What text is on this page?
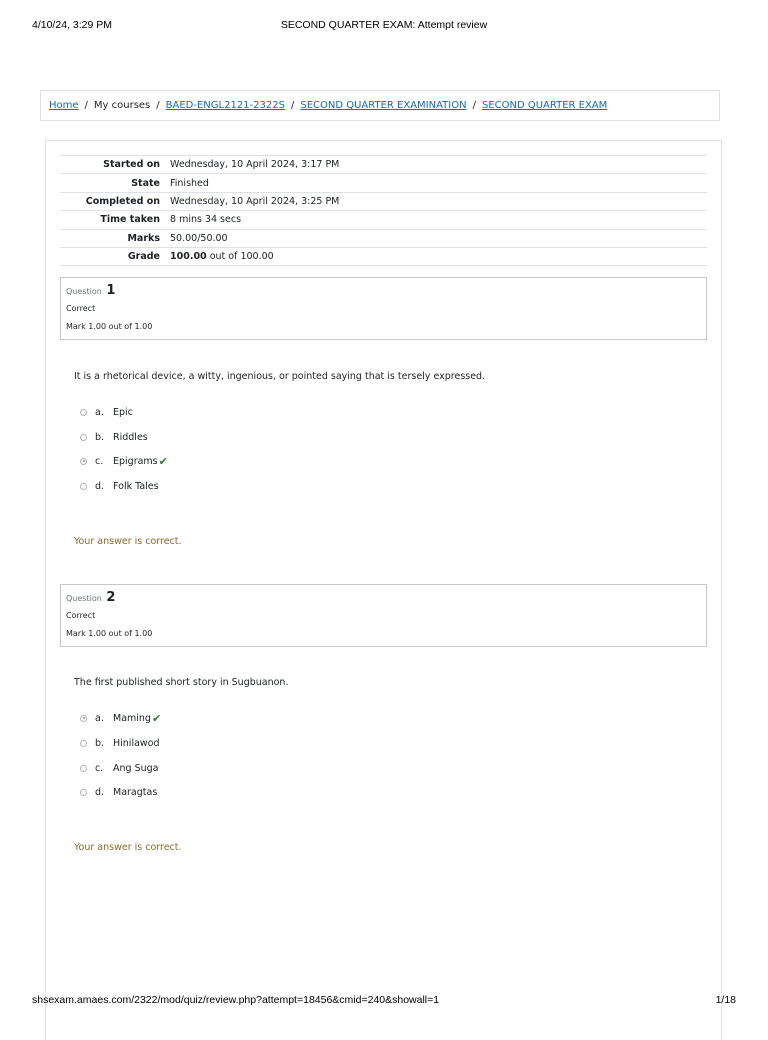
4/10/24, 3:29 PM	SECOND QUARTER EXAM: Attempt review
Home / My courses / BAED-ENGL2121-2322S / SECOND QUARTER EXAMINATION / SECOND QUARTER EXAM
Started on	Wednesday, 10 April 2024, 3:17 PM
State	Finished
Completed on	Wednesday, 10 April 2024, 3:25 PM
Time taken	8 mins 34 secs
Marks	50.00/50.00
Grade	100.00 out of 100.00
Question 1
Correct
Mark 1.00 out of 1.00
It is a rhetorical device, a witty, ingenious, or pointed saying that is tersely expressed.
a. Epic
b. Riddles
c.	Epigrams ✔
d. Folk Tales
Your answer is correct.
Question 2
Correct
Mark 1.00 out of 1.00
The first published short story in Sugbuanon.
a. Maming ✔
b. Hinilawod
c.	Ang Suga
d. Maragtas
Your answer is correct.
shsexam.amaes.com/2322/mod/quiz/review.php?attempt=18456&cmid=240&showall=1	1/18
